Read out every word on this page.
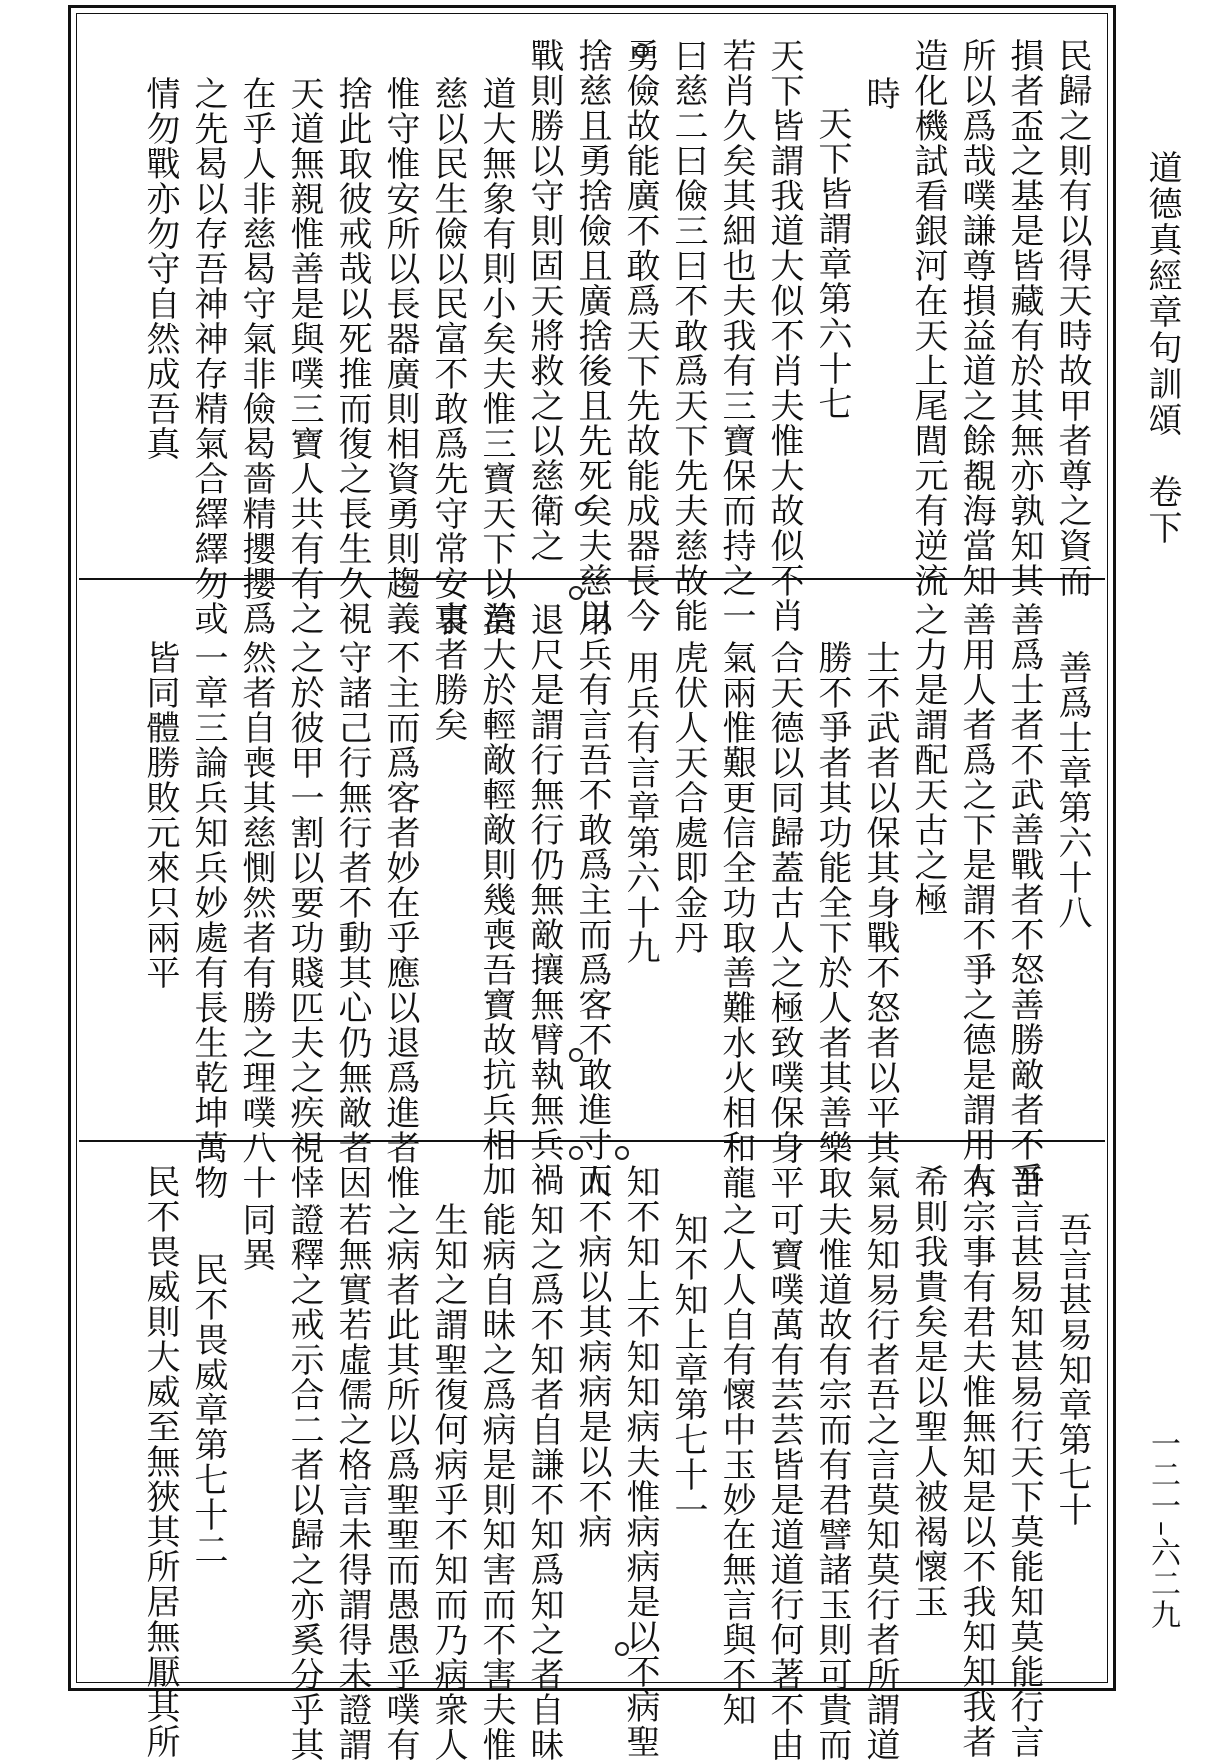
道德真經章句訓頌　卷下
一二一–六二九
民歸之則有以得天時故甲者尊之資而
損者盃之基是皆藏有於其無亦孰知其
所以爲哉噗謙尊損益道之餘覩海當知
造化機試看銀河在天上尾閭元有逆流
時
天下皆謂章第六十七
天下皆謂我道大似不肖夫惟大故似不肖
若肖久矣其細也夫我有三寶保而持之一
曰慈二曰儉三曰不敢爲天下先夫慈故能
勇儉故能廣不敢爲天下先故能成器長今
捨慈且勇捨儉且廣捨後且先死矣夫慈以
戰則勝以守則固天將救之以慈衛之
道大無象有則小矣夫惟三寶天下以治
慈以民生儉以民富不敢爲先守常安事
惟守惟安所以長器廣則相資勇則趨義
捨此取彼戒哉以死推而復之長生久視
天道無親惟善是與噗三寶人共有有之
在乎人非慈曷守氣非儉曷嗇精攖攖爲
之先曷以存吾神神存精氣合繹繹勿或
情勿戰亦勿守自然成吾真
善爲士章第六十八
善爲士者不武善戰者不怒善勝敵者不爭
善用人者爲之下是謂不爭之德是謂用人
之力是謂配天古之極
士不武者以保其身戰不怒者以平其氣
勝不爭者其功能全下於人者其善樂取
合天德以同歸蓋古人之極致噗保身平
氣兩惟艱更信全功取善難水火相和龍
虎伏人天合處即金丹
用兵有言章第六十九
用兵有言吾不敢爲主而爲客不敢進寸而
退尺是謂行無行仍無敵攘無臂執無兵禍
莫大於輕敵輕敵則幾喪吾寶故抗兵相加
哀者勝矣
不主而爲客者妙在乎應以退爲進者惟
守諸己行無行者不動其心仍無敵者因
之於彼甲一割以要功賤匹夫之疾視悻
然者自喪其慈惻然者有勝之理噗八十
一章三論兵知兵妙處有長生乾坤萬物
皆同體勝敗元來只兩平
吾言甚易知章第七十
吾言甚易知甚易行天下莫能知莫能行言
有宗事有君夫惟無知是以不我知知我者
希則我貴矣是以聖人被褐懷玉
易知易行者吾之言莫知莫行者所謂道
夫惟道故有宗而有君譬諸玉則可貴而
可寶噗萬有芸芸皆是道道行何著不由
之人人自有懷中玉妙在無言與不知
知不知上章第七十一
知不知上不知知病夫惟病病是以不病聖
人不病以其病病是以不病
知之爲不知者自謙不知爲知之者自昧
能病自昧之爲病是則知害而不害夫惟
生知之謂聖復何病乎不知而乃病衆人
之病者此其所以爲聖聖而愚愚乎噗有
若無實若虛儒之格言未得謂得未證謂
證釋之戒示合二者以歸之亦奚分乎其
同異
民不畏威章第七十二
民不畏威則大威至無狹其所居無厭其所
